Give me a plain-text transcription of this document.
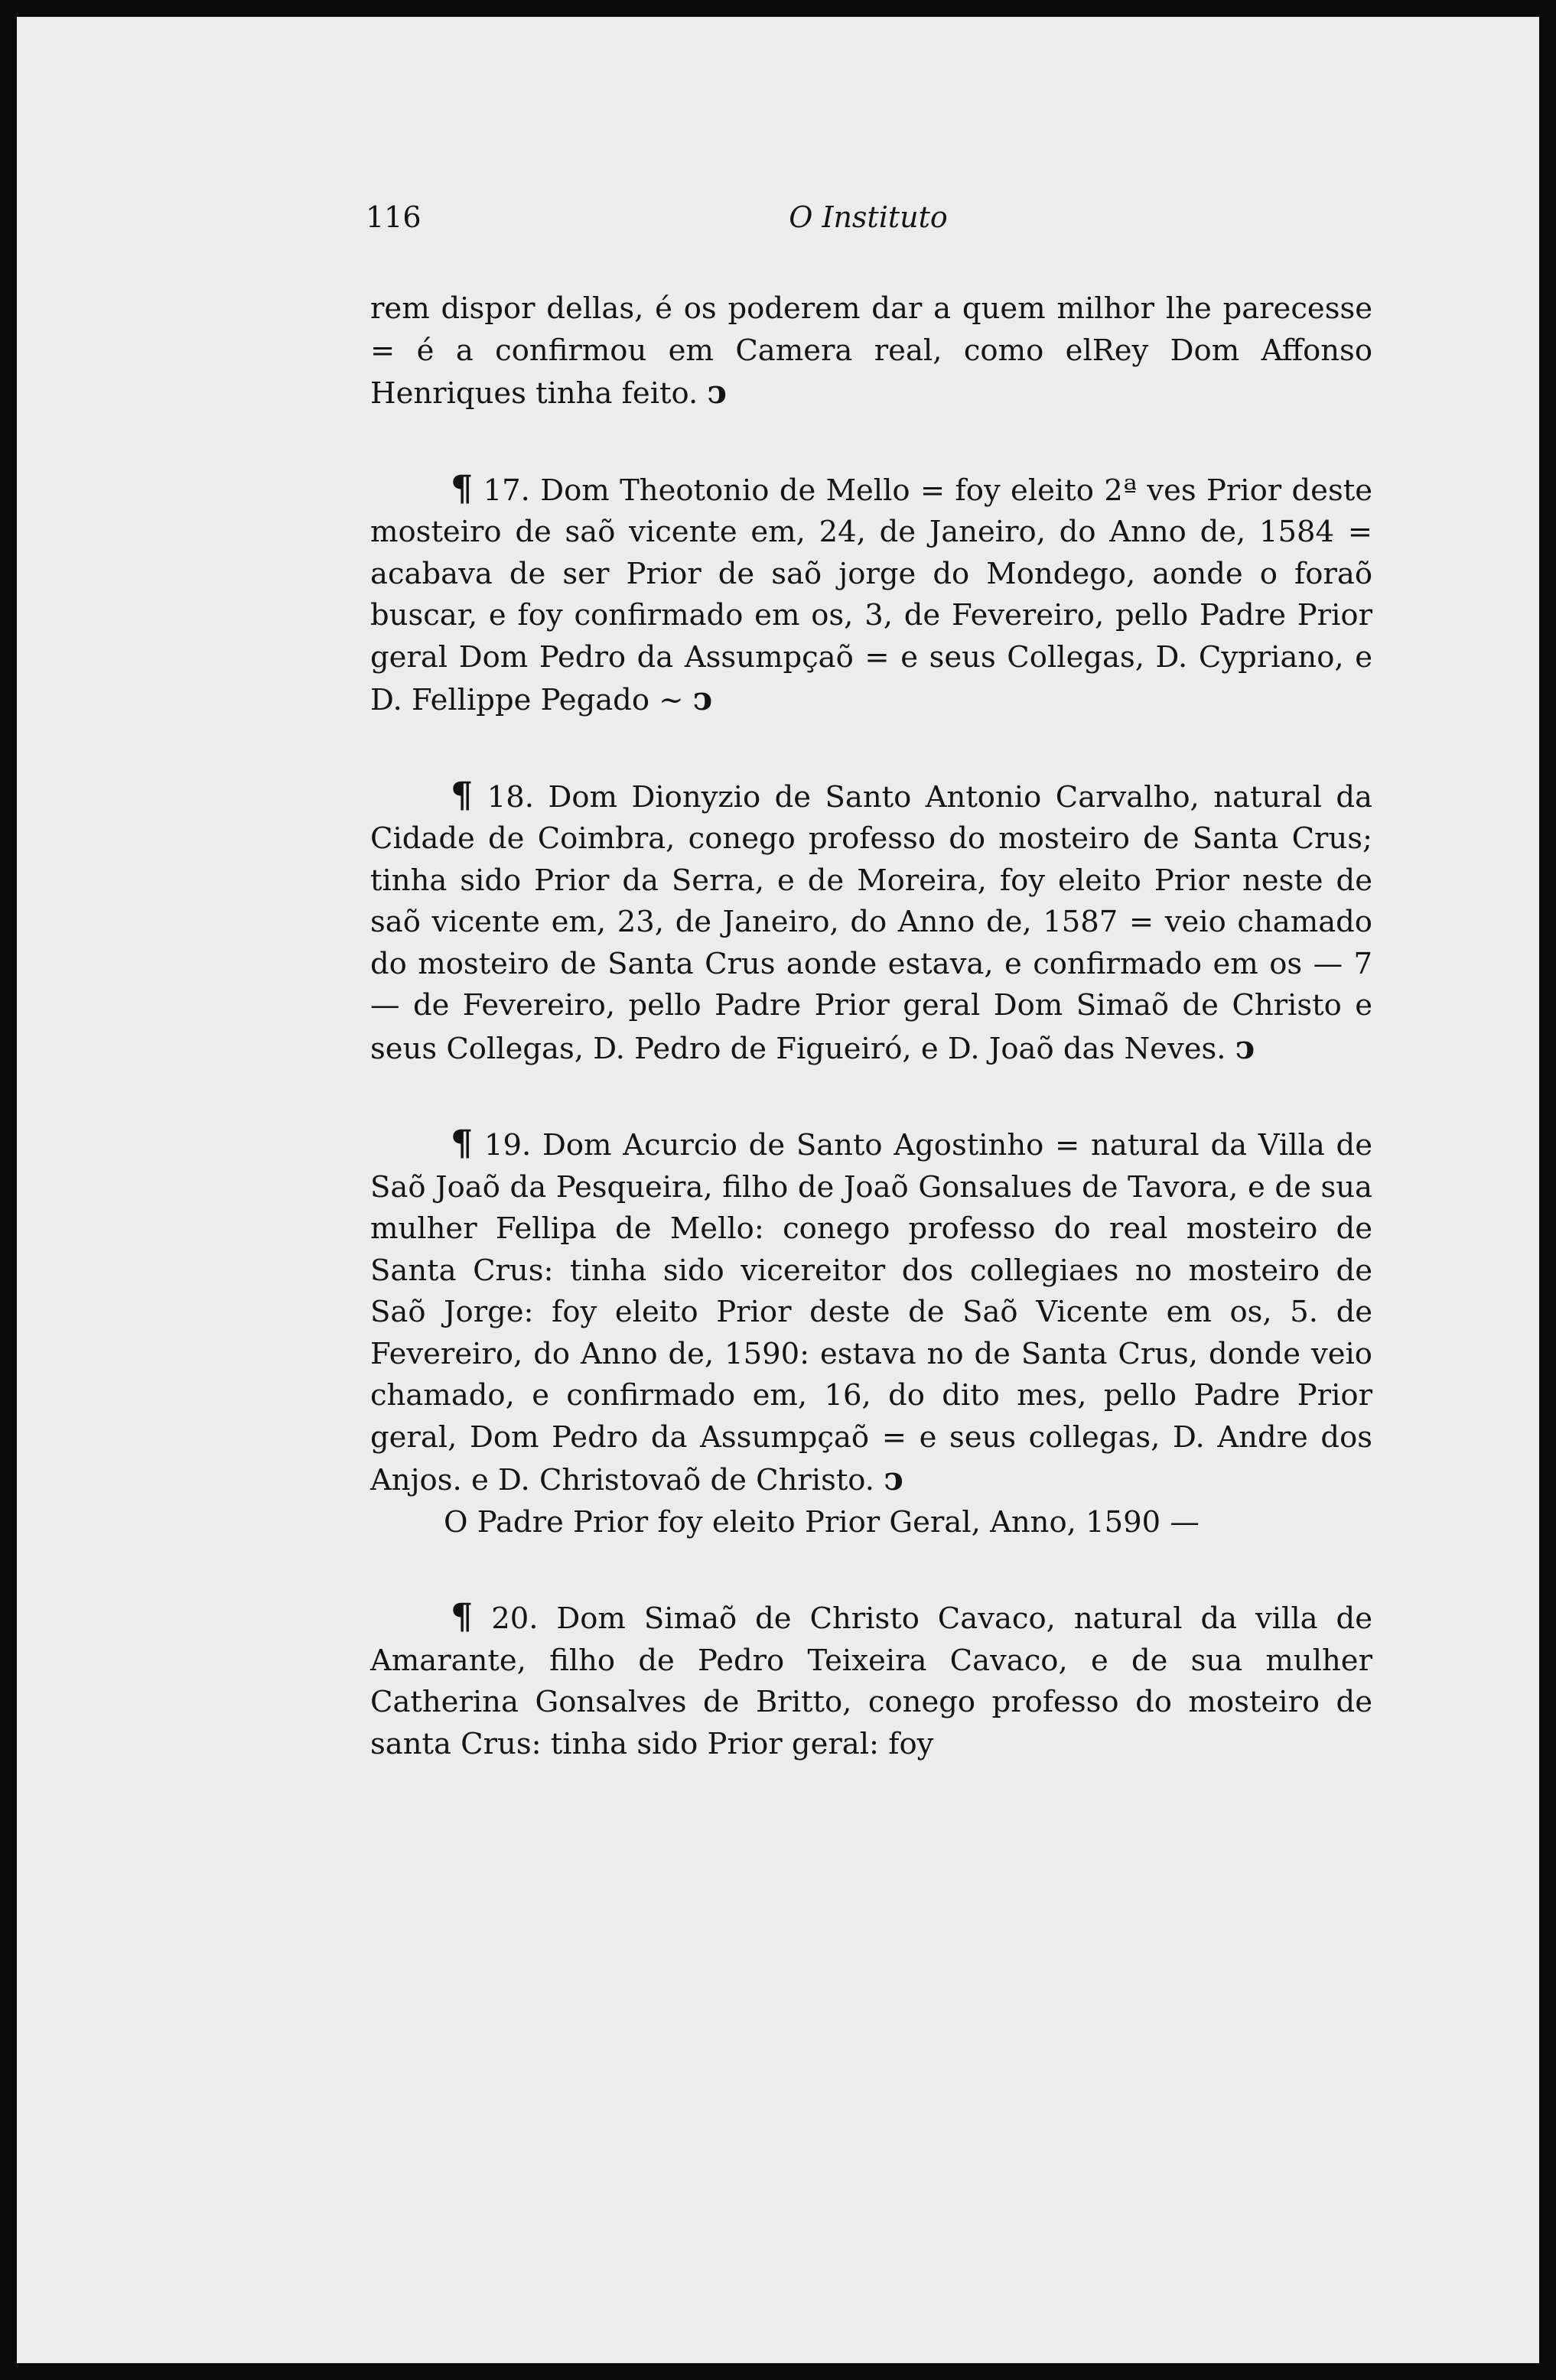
116	O Instituto

rem dispor dellas, é os poderem dar a quem milhor lhe parecesse = é a confirmou em Camera real, como elRey Dom Affonso Henriques tinha feito. ↄ

¶ 17. Dom Theotonio de Mello = foy eleito 2ª ves Prior deste mosteiro de saõ vicente em, 24, de Janeiro, do Anno de, 1584 = acabava de ser Prior de saõ jorge do Mondego, aonde o foraõ buscar, e foy confirmado em os, 3, de Fevereiro, pello Padre Prior geral Dom Pedro da Assumpçaõ = e seus Collegas, D. Cypriano, e D. Fellippe Pegado ~ ↄ

¶ 18. Dom Dionyzio de Santo Antonio Carvalho, natural da Cidade de Coimbra, conego professo do mosteiro de Santa Crus; tinha sido Prior da Serra, e de Moreira, foy eleito Prior neste de saõ vicente em, 23, de Janeiro, do Anno de, 1587 = veio chamado do mosteiro de Santa Crus aonde estava, e confirmado em os — 7 — de Fevereiro, pello Padre Prior geral Dom Simaõ de Christo e seus Collegas, D. Pedro de Figueiró, e D. Joaõ das Neves. ↄ

¶ 19. Dom Acurcio de Santo Agostinho = natural da Villa de Saõ Joaõ da Pesqueira, filho de Joaõ Gonsalues de Tavora, e de sua mulher Fellipa de Mello: conego professo do real mosteiro de Santa Crus: tinha sido vicereitor dos collegiaes no mosteiro de Saõ Jorge: foy eleito Prior deste de Saõ Vicente em os, 5. de Fevereiro, do Anno de, 1590: estava no de Santa Crus, donde veio chamado, e confirmado em, 16, do dito mes, pello Padre Prior geral, Dom Pedro da Assumpçaõ = e seus collegas, D. Andre dos Anjos. e D. Christovaõ de Christo. ↄ

O Padre Prior foy eleito Prior Geral, Anno, 1590 —

¶ 20. Dom Simaõ de Christo Cavaco, natural da villa de Amarante, filho de Pedro Teixeira Cavaco, e de sua mulher Catherina Gonsalves de Britto, conego professo do mosteiro de santa Crus: tinha sido Prior geral: foy
